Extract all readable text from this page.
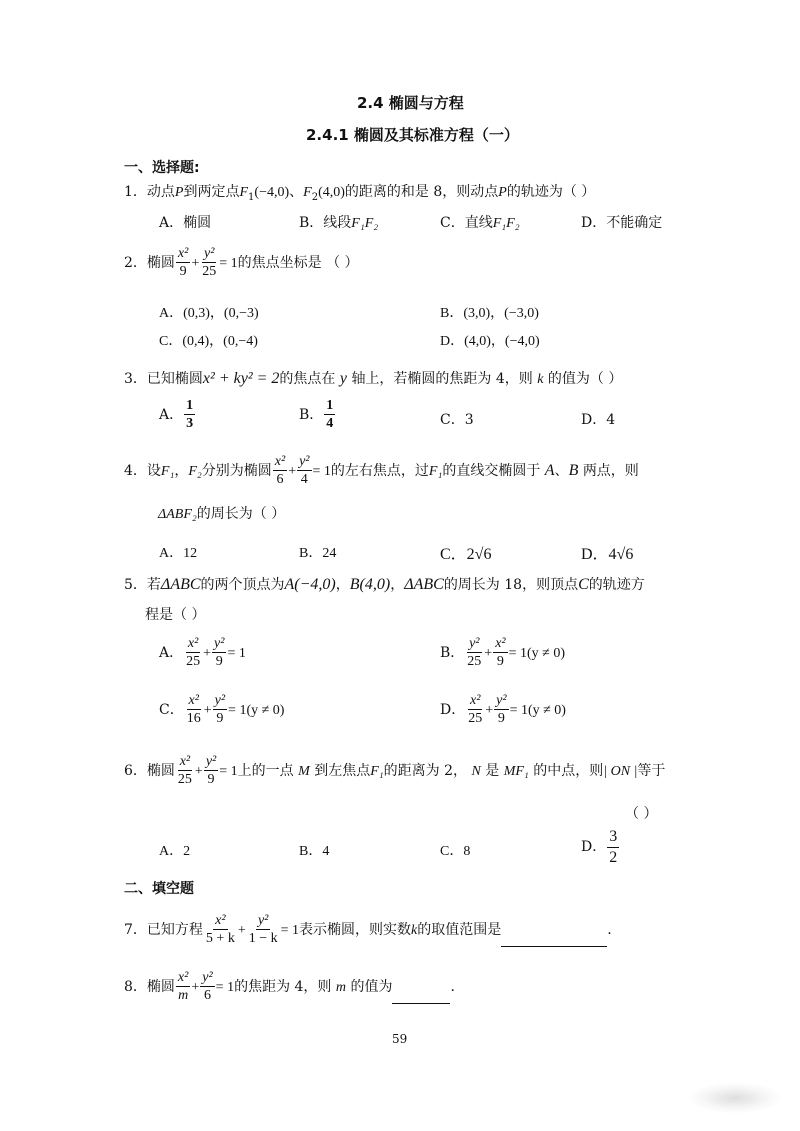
2.4 椭圆与方程
2.4.1 椭圆及其标准方程（一）
一、选择题:
1．动点P到两定点$F_1(-4,0)$、$F_2(4,0)$的距离的和是 8，则动点P的轨迹为（ ）
A．椭圆	B．线段F₁F₂	C．直线F₁F₂	D．不能确定
2．椭圆 $\frac{\text{x²}}{9} + \frac{\text{y²}}{25} = 1$的焦点坐标是 （ ）
A．(0,3)，(0,−3)	B．(3,0)，(−3,0)
C．(0,4)，(0,−4)	D．(4,0)，(−4,0)
3．已知椭圆x² + ky² = 2的焦点在 y 轴上，若椭圆的焦距为 4，则 k 的值为（ ）
A． $\frac{1}{3}$	B． $\frac{1}{4}$	C．3	D．4
4．设F₁，F₂分别为椭圆 $\frac{\text{x²}}{6} + \frac{\text{y²}}{4} = 1$的左右焦点，过F₁的直线交椭圆于 A、B 两点，则
ΔABF₂的周长为（ ）
A．12	B．24	C．2√6	D．4√6
5．若ΔABC的两个顶点为A(−4,0)，B(4,0)，ΔABC的周长为 18，则顶点C的轨迹方
程是（ ）
A． $\frac{\text{x²}}{25} + \frac{\text{y²}}{9} = 1$	B． $\frac{\text{y²}}{25} + \frac{\text{x²}}{9} = 1(y \ne 0)$
C． $\frac{\text{x²}}{16} + \frac{\text{y²}}{9} = 1(y \ne 0)$	D． $\frac{\text{x²}}{25} + \frac{\text{y²}}{9} = 1(y \ne 0)$
6．椭圆 $\frac{\text{x²}}{25} + \frac{\text{y²}}{9} = 1$上的一点 M 到左焦点F₁的距离为 2， N 是 MF₁ 的中点，则| ON |等于
（ ）
A．2	B．4	C．8	D． $\frac{3}{2}$
二、填空题
7．已知方程 $\frac{\text{x²}}{5 + k} + \frac{\text{y²}}{1 - k} = 1$表示椭圆，则实数k的取值范围是	.
8．椭圆 $\frac{\text{x²}}{m} + \frac{\text{y²}}{6} = 1$的焦距为 4，则 m 的值为	.
59
